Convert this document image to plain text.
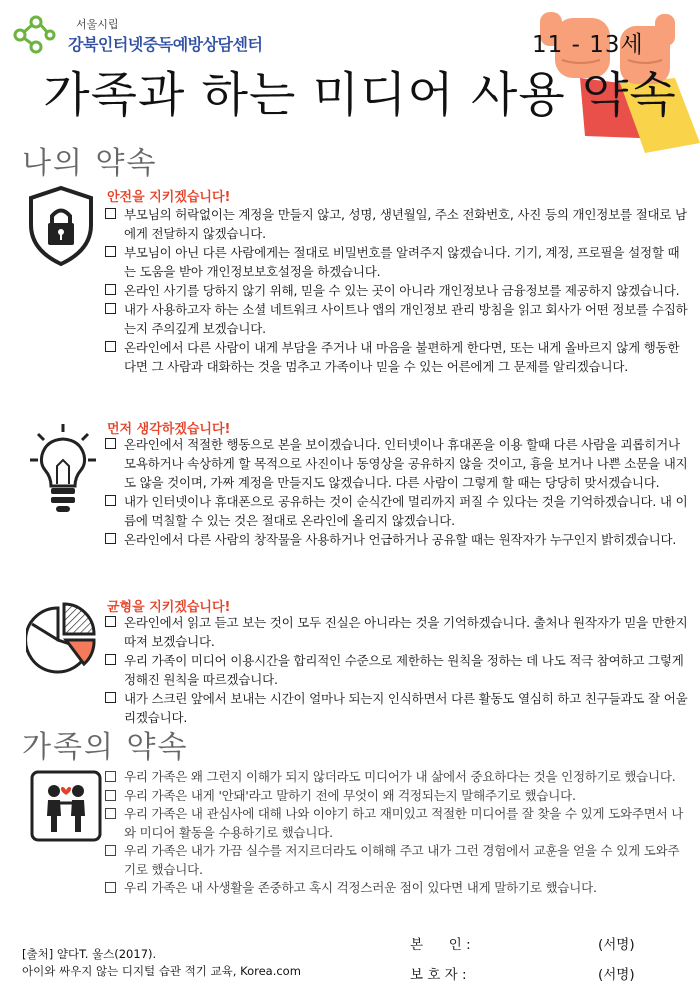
서울시립
강북인터넷중독예방상담센터	11 - 13세
가족과 하는 미디어 사용 약속
나의 약속
안전을 지키겠습니다!
부모님의 허락없이는 계정을 만들지 않고, 성명, 생년월일, 주소 전화번호, 사진 등의 개인정보를 절대로 남에게 전달하지 않겠습니다.
부모님이 아닌 다른 사람에게는 절대로 비밀번호를 알려주지 않겠습니다. 기기, 계정, 프로필을 설정할 때는 도움을 받아 개인정보보호설정을 하겠습니다.
온라인 사기를 당하지 않기 위해, 믿을 수 있는 곳이 아니라 개인정보나 금융정보를 제공하지 않겠습니다.
내가 사용하고자 하는 소셜 네트워크 사이트나 앱의 개인정보 관리 방침을 읽고 회사가 어떤 정보를 수집하는지 주의깊게 보겠습니다.
온라인에서 다른 사람이 내게 부담을 주거나 내 마음을 불편하게 한다면, 또는 내게 올바르지 않게 행동한다면 그 사람과 대화하는 것을 멈추고 가족이나 믿을 수 있는 어른에게 그 문제를 알리겠습니다.
먼저 생각하겠습니다!
온라인에서 적절한 행동으로 본을 보이겠습니다. 인터넷이나 휴대폰을 이용 할때 다른 사람을 괴롭히거나 모욕하거나 속상하게 할 목적으로 사진이나 동영상을 공유하지 않을 것이고, 흉을 보거나 나쁜 소문을 내지도 않을 것이며, 가짜 계정을 만들지도 않겠습니다. 다른 사람이 그렇게 할 때는 당당히 맞서겠습니다.
내가 인터넷이나 휴대폰으로 공유하는 것이 순식간에 멀리까지 퍼질 수 있다는 것을 기억하겠습니다. 내 이름에 먹칠할 수 있는 것은 절대로 온라인에 올리지 않겠습니다.
온라인에서 다른 사람의 창작물을 사용하거나 언급하거나 공유할 때는 원작자가 누구인지 밝히겠습니다.
균형을 지키겠습니다!
온라인에서 읽고 듣고 보는 것이 모두 진실은 아니라는 것을 기억하겠습니다. 출처나 원작자가 믿을 만한지 따져 보겠습니다.
우리 가족이 미디어 이용시간을 합리적인 수준으로 제한하는 원칙을 정하는 데 나도 적극 참여하고 그렇게 정해진 원칙을 따르겠습니다.
내가 스크린 앞에서 보내는 시간이 얼마나 되는지 인식하면서 다른 활동도 열심히 하고 친구들과도 잘 어울리겠습니다.
가족의 약속
우리 가족은 왜 그런지 이해가 되지 않더라도 미디어가 내 삶에서 중요하다는 것을 인정하기로 했습니다.
우리 가족은 내게 '안돼'라고 말하기 전에 무엇이 왜 걱정되는지 말해주기로 했습니다.
우리 가족은 내 관심사에 대해 나와 이야기 하고 재미있고 적절한 미디어를 잘 찾을 수 있게 도와주면서 나와 미디어 활동을 수용하기로 했습니다.
우리 가족은 내가 가끔 실수를 저지르더라도 이해해 주고 내가 그런 경험에서 교훈을 얻을 수 있게 도와주기로 했습니다.
우리 가족은 내 사생활을 존중하고 혹시 걱정스러운 점이 있다면 내게 말하기로 했습니다.
[출처] 얄다T. 울스(2017).
아이와 싸우지 않는 디지털 습관 적기 교육, Korea.com
본      인 :	(서명)
보 호 자 :	(서명)
